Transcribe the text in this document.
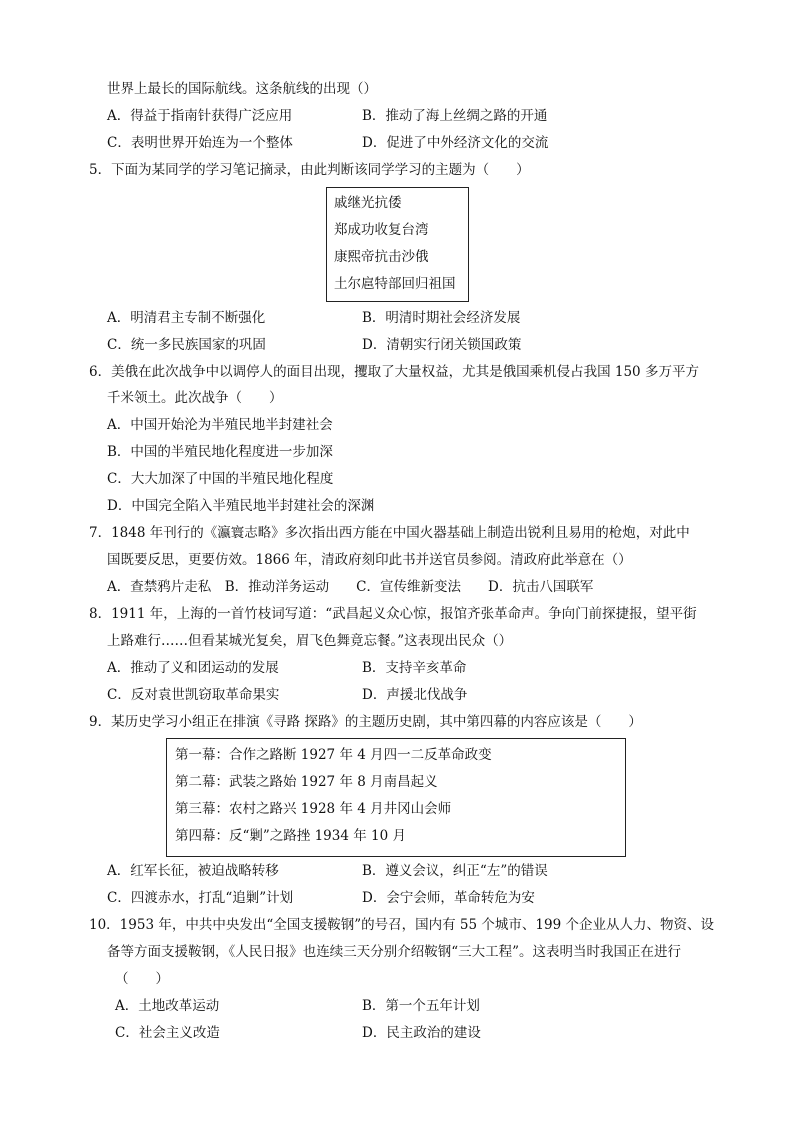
世界上最长的国际航线。这条航线的出现（）
A．得益于指南针获得广泛应用	B．推动了海上丝绸之路的开通
C．表明世界开始连为一个整体	D．促进了中外经济文化的交流
5．下面为某同学的学习笔记摘录，由此判断该同学学习的主题为（　　）
戚继光抗倭
郑成功收复台湾
康熙帝抗击沙俄
土尔扈特部回归祖国
A．明清君主专制不断强化	B．明清时期社会经济发展
C．统一多民族国家的巩固	D．清朝实行闭关锁国政策
6．美俄在此次战争中以调停人的面目出现，攫取了大量权益，尤其是俄国乘机侵占我国 150 多万平方
千米领土。此次战争（　　）
A．中国开始沦为半殖民地半封建社会
B．中国的半殖民地化程度进一步加深
C．大大加深了中国的半殖民地化程度
D．中国完全陷入半殖民地半封建社会的深渊
7．1848 年刊行的《瀛寰志略》多次指出西方能在中国火器基础上制造出锐利且易用的枪炮，对此中
国既要反思，更要仿效。1866 年，清政府刻印此书并送官员参阅。清政府此举意在（）
A．查禁鸦片走私　B．推动洋务运动　　C．宣传维新变法　　D．抗击八国联军
8．1911 年，上海的一首竹枝词写道：“武昌起义众心惊，报馆齐张革命声。争向门前探捷报，望平街
上路难行……但看某城光复矣，眉飞色舞竟忘餐。”这表现出民众（）
A．推动了义和团运动的发展	B．支持辛亥革命
C．反对袁世凯窃取革命果实	D．声援北伐战争
9．某历史学习小组正在排演《寻路 探路》的主题历史剧，其中第四幕的内容应该是（　　）
第一幕：合作之路断 1927 年 4 月四一二反革命政变
第二幕：武装之路始 1927 年 8 月南昌起义
第三幕：农村之路兴 1928 年 4 月井冈山会师
第四幕：反“剿”之路挫 1934 年 10 月
A．红军长征，被迫战略转移	B．遵义会议，纠正“左”的错误
C．四渡赤水，打乱“追剿”计划	D．会宁会师，革命转危为安
10．1953 年，中共中央发出“全国支援鞍钢”的号召，国内有 55 个城市、199 个企业从人力、物资、设
备等方面支援鞍钢，《人民日报》也连续三天分别介绍鞍钢“三大工程”。这表明当时我国正在进行
（　　）
A．土地改革运动	B．第一个五年计划
C．社会主义改造	D．民主政治的建设
